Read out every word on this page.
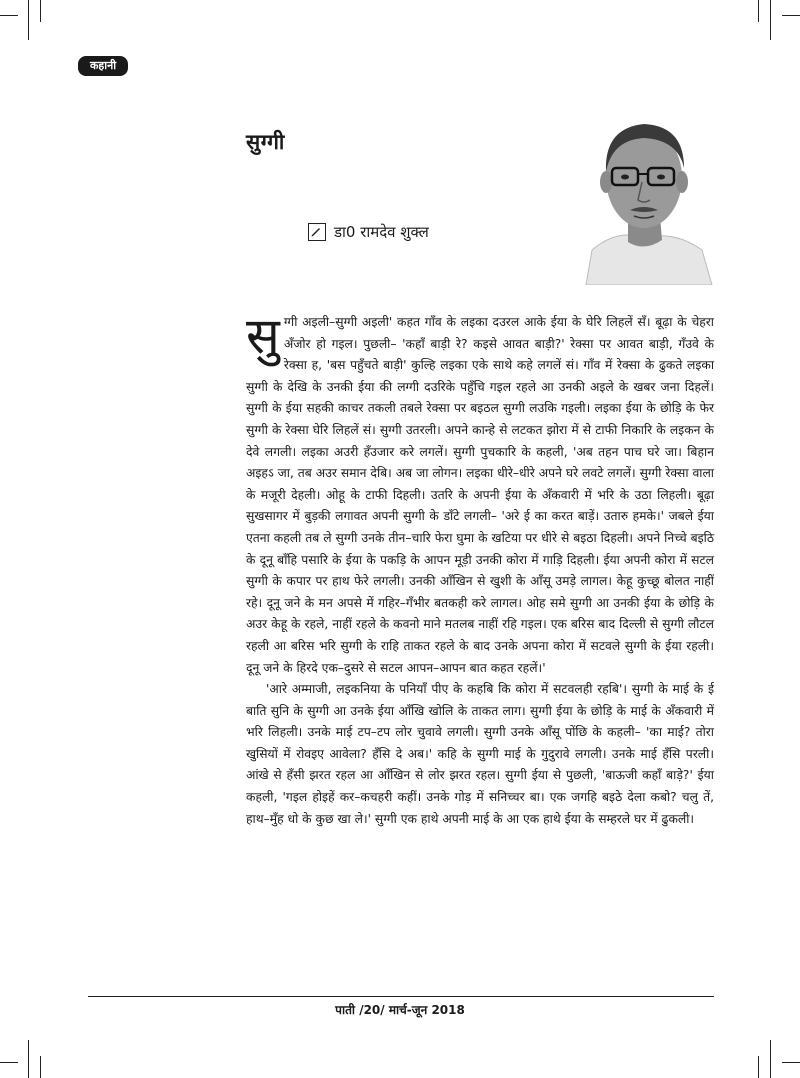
कहानी
सुग्गी
डा0 रामदेव शुक्ल

सुग्गी अइली–सुग्गी अइली' कहत गाँव के लइका दउरल आके ईया के घेरि लिहलें सँ। बूढ़ा के चेहरा अँजोर हो गइल। पुछली– 'कहाँ बाड़ी रे? कइसे आवत बाड़ी?' रेक्सा पर आवत बाड़ी, गँउवे के रेक्सा ह, 'बस पहुँचते बाड़ी' कुल्हि लइका एके साथे कहे लगलें सं। गाँव में रेक्सा के ढुकते लइका सुग्गी के देखि के उनकी ईया की लग्गी दउरिके पहुँचि गइल रहले आ उनकी अइले के खबर जना दिहलें। सुग्गी के ईया सहकी काचर तकली तबले रेक्सा पर बइठल सुग्गी लउकि गइली। लइका ईया के छोड़ि के फेर सुग्गी के रेक्सा घेरि लिहलें सं। सुग्गी उतरली। अपने कान्हे से लटकत झोरा में से टाफी निकारि के लइकन के देवे लगली। लइका अउरी हँउजार करे लगलें। सुग्गी पुचकारि के कहली, 'अब तहन पाच घरे जा। बिहान अइहऽ जा, तब अउर समान देबि। अब जा लोगन। लइका धीरे–धीरे अपने घरे लवटे लगलें। सुग्गी रेक्सा वाला के मजूरी देहली। ओहू के टाफी दिहली। उतरि के अपनी ईया के अँकवारी में भरि के उठा लिहली। बूढ़ा सुखसागर में बुड़की लगावत अपनी सुग्गी के डाँटे लगली– 'अरे ई का करत बाड़ें। उतारु हमके।' जबले ईया एतना कहली तब ले सुग्गी उनके तीन–चारि फेरा घुमा के खटिया पर धीरे से बइठा दिहली। अपने निच्चे बइठि के दूनू बाँहि पसारि के ईया के पकड़ि के आपन मूड़ी उनकी कोरा में गाड़ि दिहली। ईया अपनी कोरा में सटल सुग्गी के कपार पर हाथ फेरे लगली। उनकी आँखिन से खुशी के आँसू उमड़े लागल। केहू कुच्छू बोलत नाहीं रहे। दूनू जने के मन अपसे में गहिर–गँभीर बतकही करे लागल। ओह समे सुग्गी आ उनकी ईया के छोड़ि के अउर केहू के रहले, नाहीं रहले के कवनो माने मतलब नाहीं रहि गइल। एक बरिस बाद दिल्ली से सुग्गी लौटल रहली आ बरिस भरि सुग्गी के राहि ताकत रहले के बाद उनके अपना कोरा में सटवले सुग्गी के ईया रहली। दूनू जने के हिरदे एक–दुसरे से सटल आपन–आपन बात कहत रहलें।'

'आरे अम्माजी, लइकनिया के पनियाँ पीए के कहबि कि कोरा में सटवलही रहबि'। सुग्गी के माई के ई बाति सुनि के सुग्गी आ उनके ईया आँखि खोलि के ताकत लाग। सुग्गी ईया के छोड़ि के माई के अँकवारी में भरि लिहली। उनके माई टप–टप लोर चुवावे लगली। सुग्गी उनके आँसू पोंछि के कहली– 'का माई? तोरा खुसियों में रोवइए आवेला? हँसि दे अब।' कहि के सुग्गी माई के गुदुरावे लगली। उनके माई हँसि परली। आंखे से हँसी झरत रहल आ आँखिन से लोर झरत रहल। सुग्गी ईया से पुछली, 'बाऊजी कहाँ बाड़े?' ईया कहली, 'गइल होइहें कर–कचहरी कहीं। उनके गोड़ में सनिच्चर बा। एक जगहि बइठे देला कबो? चलु तें, हाथ–मुँह धो के कुछ खा ले।' सुग्गी एक हाथे अपनी माई के आ एक हाथे ईया के सम्हरले घर में ढुकली।

पाती /20/ मार्च-जून 2018
